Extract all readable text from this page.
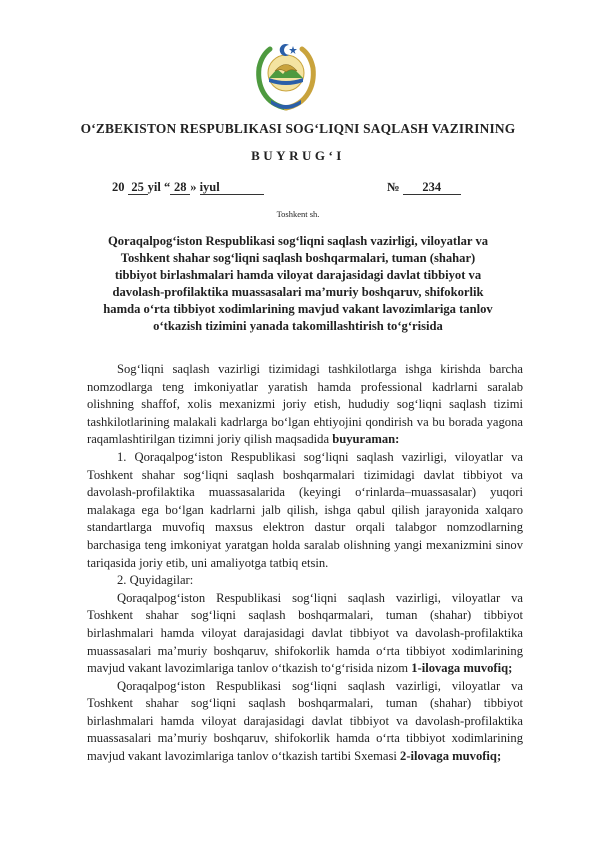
O‘ZBEKISTON RESPUBLIKASI SOG‘LIQNI SAQLASH VAZIRINING
BUYRUG‘I
20 25 yil “ 28 » iyul	№ 234
Toshkent sh.
Qoraqalpog‘iston Respublikasi sog‘liqni saqlash vazirligi, viloyatlar va Toshkent shahar sog‘liqni saqlash boshqarmalari, tuman (shahar) tibbiyot birlashmalari hamda viloyat darajasidagi davlat tibbiyot va davolash-profilaktika muassasalari ma’muriy boshqaruv, shifokorlik hamda o‘rta tibbiyot xodimlarining mavjud vakant lavozimlariga tanlov o‘tkazish tizimini yanada takomillashtirish to‘g‘risida

Sog‘liqni saqlash vazirligi tizimidagi tashkilotlarga ishga kirishda barcha nomzodlarga teng imkoniyatlar yaratish hamda professional kadrlarni saralab olishning shaffof, xolis mexanizmi joriy etish, hududiy sog‘liqni saqlash tizimi tashkilotlarining malakali kadrlarga bo‘lgan ehtiyojini qondirish va bu borada yagona raqamlashtirilgan tizimni joriy qilish maqsadida buyuraman:

1. Qoraqalpog‘iston Respublikasi sog‘liqni saqlash vazirligi, viloyatlar va Toshkent shahar sog‘liqni saqlash boshqarmalari tizimidagi davlat tibbiyot va davolash-profilaktika muassasalarida (keyingi o‘rinlarda–muassasalar) yuqori malakaga ega bo‘lgan kadrlarni jalb qilish, ishga qabul qilish jarayonida xalqaro standartlarga muvofiq maxsus elektron dastur orqali talabgor nomzodlarning barchasiga teng imkoniyat yaratgan holda saralab olishning yangi mexanizmini sinov tariqasida joriy etib, uni amaliyotga tatbiq etsin.

2. Quyidagilar:

Qoraqalpog‘iston Respublikasi sog‘liqni saqlash vazirligi, viloyatlar va Toshkent shahar sog‘liqni saqlash boshqarmalari, tuman (shahar) tibbiyot birlashmalari hamda viloyat darajasidagi davlat tibbiyot va davolash-profilaktika muassasalari ma’muriy boshqaruv, shifokorlik hamda o‘rta tibbiyot xodimlarining mavjud vakant lavozimlariga tanlov o‘tkazish to‘g‘risida nizom 1-ilovaga muvofiq;

Qoraqalpog‘iston Respublikasi sog‘liqni saqlash vazirligi, viloyatlar va Toshkent shahar sog‘liqni saqlash boshqarmalari, tuman (shahar) tibbiyot birlashmalari hamda viloyat darajasidagi davlat tibbiyot va davolash-profilaktika muassasalari ma’muriy boshqaruv, shifokorlik hamda o‘rta tibbiyot xodimlarining mavjud vakant lavozimlariga tanlov o‘tkazish tartibi Sxemasi 2-ilovaga muvofiq;
